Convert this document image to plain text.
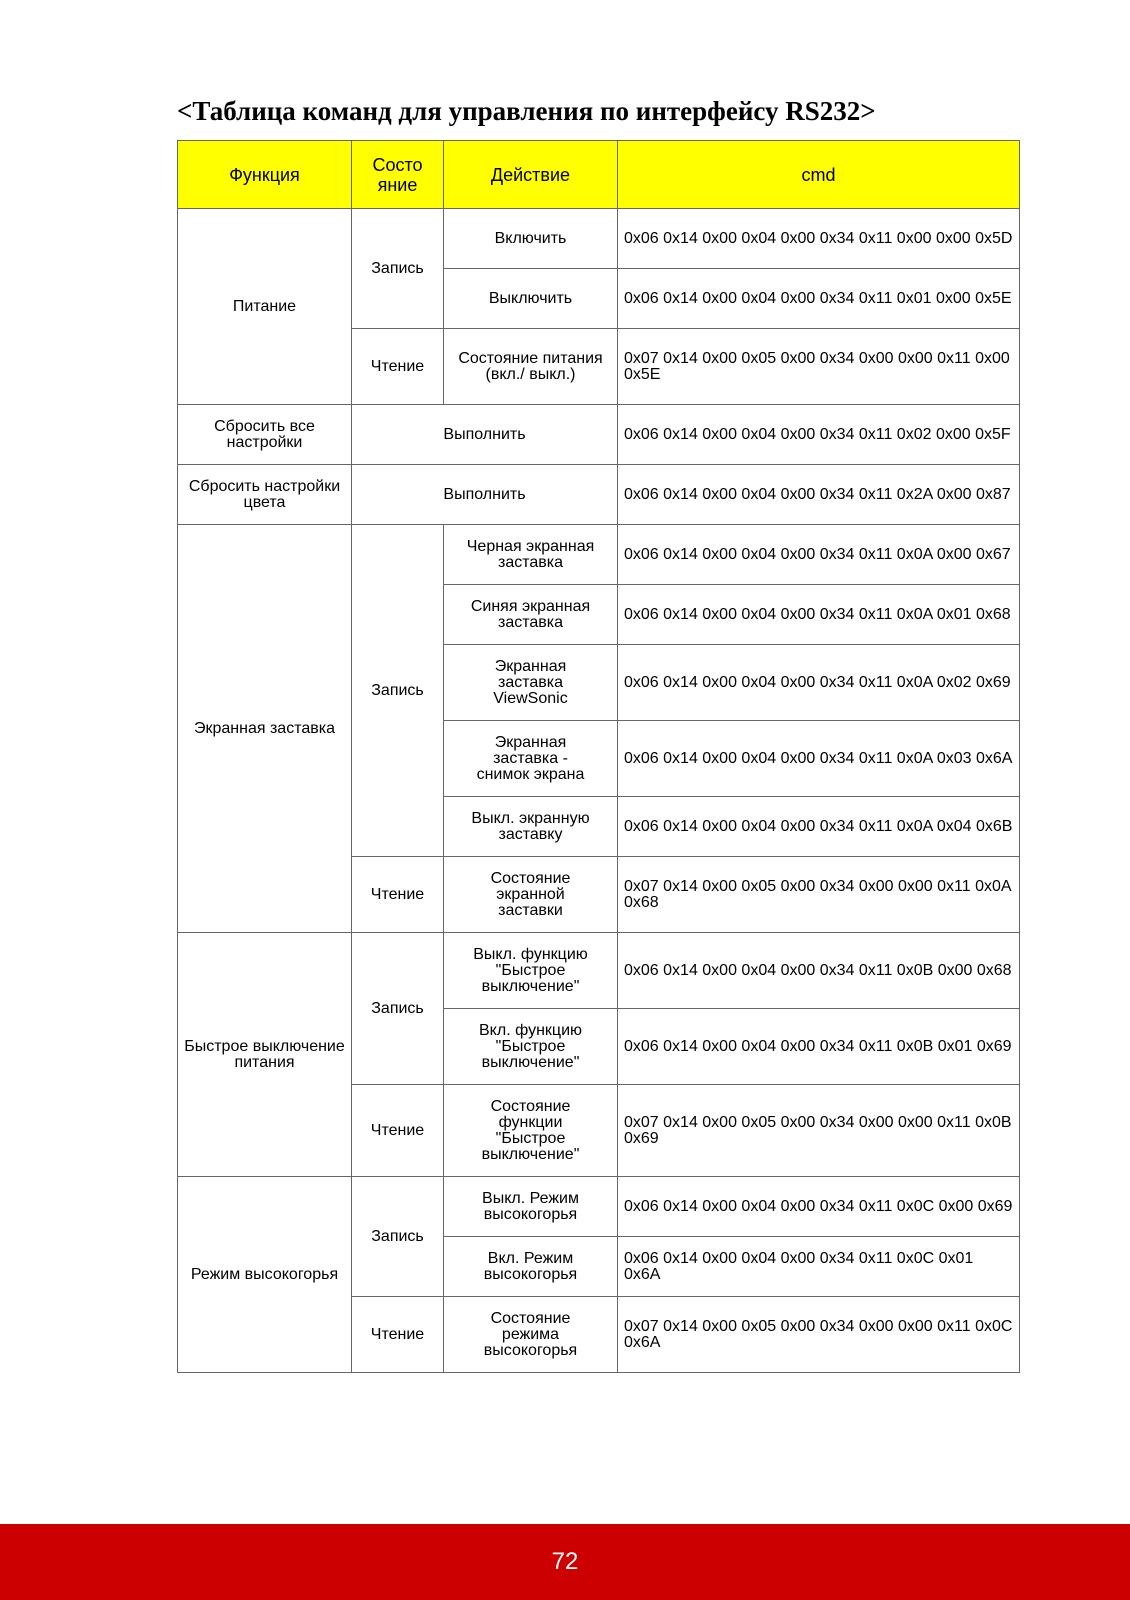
<Таблица команд для управления по интерфейсу RS232>
Функция	Состо яние	Действие	cmd
Питание	Запись	Включить	0x06 0x14 0x00 0x04 0x00 0x34 0x11 0x00 0x00 0x5D
		Выключить	0x06 0x14 0x00 0x04 0x00 0x34 0x11 0x01 0x00 0x5E
	Чтение	Состояние питания (вкл./ выкл.)	0x07 0x14 0x00 0x05 0x00 0x34 0x00 0x00 0x11 0x00 0x5E
Сбросить все настройки	Выполнить		0x06 0x14 0x00 0x04 0x00 0x34 0x11 0x02 0x00 0x5F
Сбросить настройки цвета	Выполнить		0x06 0x14 0x00 0x04 0x00 0x34 0x11 0x2A 0x00 0x87
Экранная заставка	Запись	Черная экранная заставка	0x06 0x14 0x00 0x04 0x00 0x34 0x11 0x0A 0x00 0x67
		Синяя экранная заставка	0x06 0x14 0x00 0x04 0x00 0x34 0x11 0x0A 0x01 0x68
		Экранная заставка ViewSonic	0x06 0x14 0x00 0x04 0x00 0x34 0x11 0x0A 0x02 0x69
		Экранная заставка - снимок экрана	0x06 0x14 0x00 0x04 0x00 0x34 0x11 0x0A 0x03 0x6A
		Выкл. экранную заставку	0x06 0x14 0x00 0x04 0x00 0x34 0x11 0x0A 0x04 0x6B
	Чтение	Состояние экранной заставки	0x07 0x14 0x00 0x05 0x00 0x34 0x00 0x00 0x11 0x0A 0x68
Быстрое выключение питания	Запись	Выкл. функцию "Быстрое выключение"	0x06 0x14 0x00 0x04 0x00 0x34 0x11 0x0B 0x00 0x68
		Вкл. функцию "Быстрое выключение"	0x06 0x14 0x00 0x04 0x00 0x34 0x11 0x0B 0x01 0x69
	Чтение	Состояние функции "Быстрое выключение"	0x07 0x14 0x00 0x05 0x00 0x34 0x00 0x00 0x11 0x0B 0x69
Режим высокогорья	Запись	Выкл. Режим высокогорья	0x06 0x14 0x00 0x04 0x00 0x34 0x11 0x0C 0x00 0x69
		Вкл. Режим высокогорья	0x06 0x14 0x00 0x04 0x00 0x34 0x11 0x0C 0x01 0x6A
	Чтение	Состояние режима высокогорья	0x07 0x14 0x00 0x05 0x00 0x34 0x00 0x00 0x11 0x0C 0x6A
72
